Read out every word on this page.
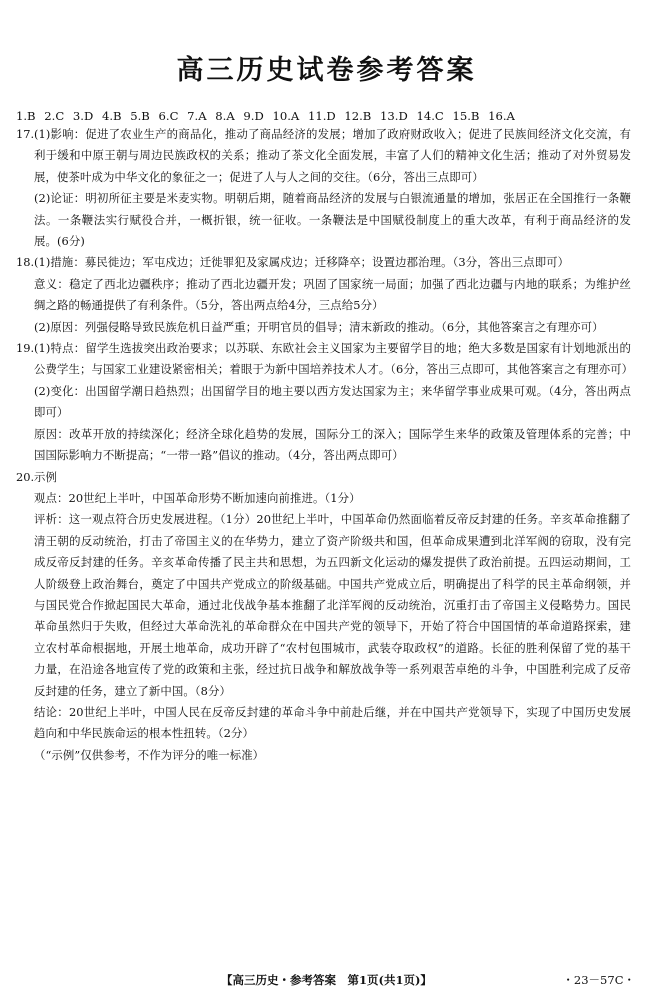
高三历史试卷参考答案
1.B 2.C 3.D 4.B 5.B 6.C 7.A 8.A 9.D 10.A 11.D 12.B 13.D 14.C 15.B 16.A
17. (1)影响：促进了农业生产的商品化，推动了商品经济的发展；增加了政府财政收入；促进了民族间经济文化交流，有利于缓和中原王朝与周边民族政权的关系；推动了茶文化全面发展，丰富了人们的精神文化生活；推动了对外贸易发展，使茶叶成为中华文化的象征之一；促进了人与人之间的交往。（6分，答出三点即可）

(2)论证：明初所征主要是米麦实物。明朝后期，随着商品经济的发展与白银流通量的增加，张居正在全国推行一条鞭法。一条鞭法实行赋役合并，一概折银，统一征收。一条鞭法是中国赋役制度上的重大改革，有利于商品经济的发展。(6分)

18. (1)措施：募民徙边；军屯戍边；迁徙罪犯及家属戍边；迁移降卒；设置边郡治理。（3分，答出三点即可）

意义：稳定了西北边疆秩序；推动了西北边疆开发；巩固了国家统一局面；加强了西北边疆与内地的联系；为维护丝绸之路的畅通提供了有利条件。（5分，答出两点给4分，三点给5分）

(2)原因：列强侵略导致民族危机日益严重；开明官员的倡导；清末新政的推动。（6分，其他答案言之有理亦可）

19. (1)特点：留学生选拔突出政治要求；以苏联、东欧社会主义国家为主要留学目的地；绝大多数是国家有计划地派出的公费学生；与国家工业建设紧密相关；着眼于为新中国培养技术人才。（6分，答出三点即可，其他答案言之有理亦可）

(2)变化：出国留学潮日趋热烈；出国留学目的地主要以西方发达国家为主；来华留学事业成果可观。（4分，答出两点即可）

原因：改革开放的持续深化；经济全球化趋势的发展，国际分工的深入；国际学生来华的政策及管理体系的完善；中国国际影响力不断提高；“一带一路”倡议的推动。（4分，答出两点即可）

20. 示例

观点：20世纪上半叶，中国革命形势不断加速向前推进。（1分）

评析：这一观点符合历史发展进程。（1分）20世纪上半叶，中国革命仍然面临着反帝反封建的任务。辛亥革命推翻了清王朝的反动统治，打击了帝国主义的在华势力，建立了资产阶级共和国，但革命成果遭到北洋军阀的窃取，没有完成反帝反封建的任务。辛亥革命传播了民主共和思想，为五四新文化运动的爆发提供了政治前提。五四运动期间，工人阶级登上政治舞台，奠定了中国共产党成立的阶级基础。中国共产党成立后，明确提出了科学的民主革命纲领，并与国民党合作掀起国民大革命，通过北伐战争基本推翻了北洋军阀的反动统治，沉重打击了帝国主义侵略势力。国民革命虽然归于失败，但经过大革命洗礼的革命群众在中国共产党的领导下，开始了符合中国国情的革命道路探索，建立农村革命根据地，开展土地革命，成功开辟了“农村包围城市，武装夺取政权”的道路。长征的胜利保留了党的基干力量，在沿途各地宣传了党的政策和主张，经过抗日战争和解放战争等一系列艰苦卓绝的斗争，中国胜利完成了反帝反封建的任务，建立了新中国。（8分）

结论：20世纪上半叶，中国人民在反帝反封建的革命斗争中前赴后继，并在中国共产党领导下，实现了中国历史发展趋向和中华民族命运的根本性扭转。（2分）

（“示例”仅供参考，不作为评分的唯一标准）

【高三历史・参考答案　第1页(共1页)】	・23－57C・
